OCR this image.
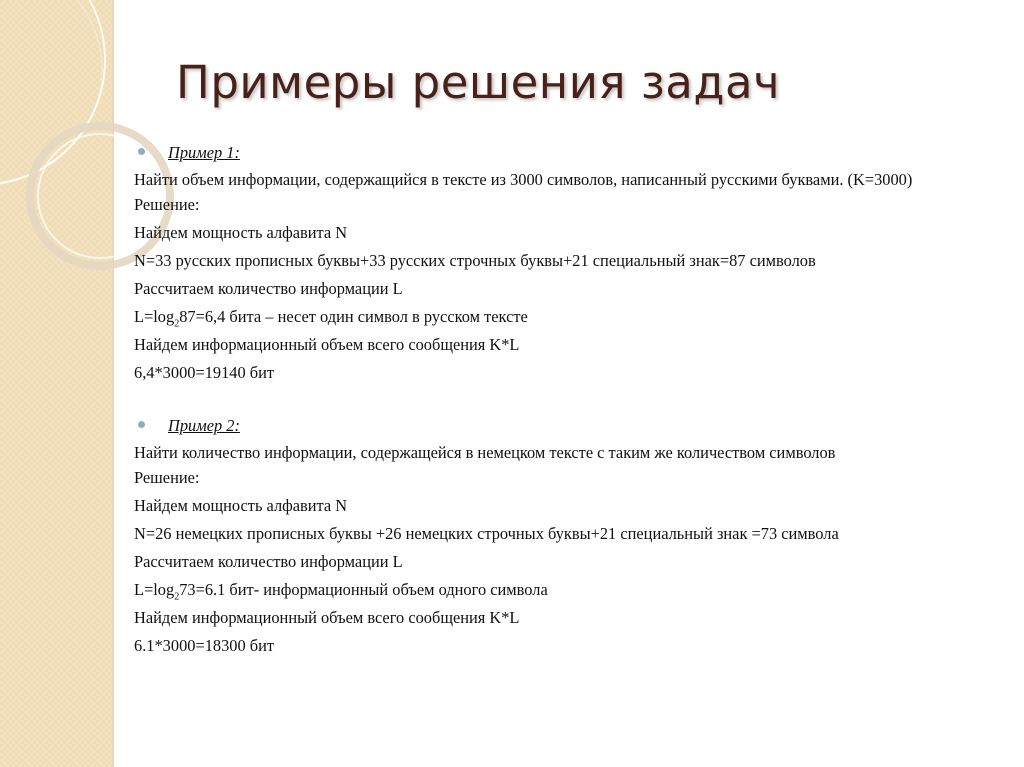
Примеры решения задач
Пример 1:
Найти объем информации, содержащийся в тексте из 3000 символов, написанный русскими буквами. (K=3000)
Решение:
Найдем мощность алфавита N
N=33 русских прописных буквы+33 русских строчных буквы+21 специальный знак=87 символов
Рассчитаем количество информации L
$L=\log_287=6,4$ бита – несет один символ в русском тексте
Найдем информационный объем всего сообщения K*L
6,4*3000=19140 бит
Пример 2:
Найти количество информации, содержащейся в немецком тексте с таким же количеством символов
Решение:
Найдем мощность алфавита N
N=26 немецких прописных буквы +26 немецких строчных буквы+21 специальный знак =73 символа
Рассчитаем количество информации L
$L=\log_273=6.1$ бит- информационный объем одного символа
Найдем информационный объем всего сообщения K*L
6.1*3000=18300 бит
